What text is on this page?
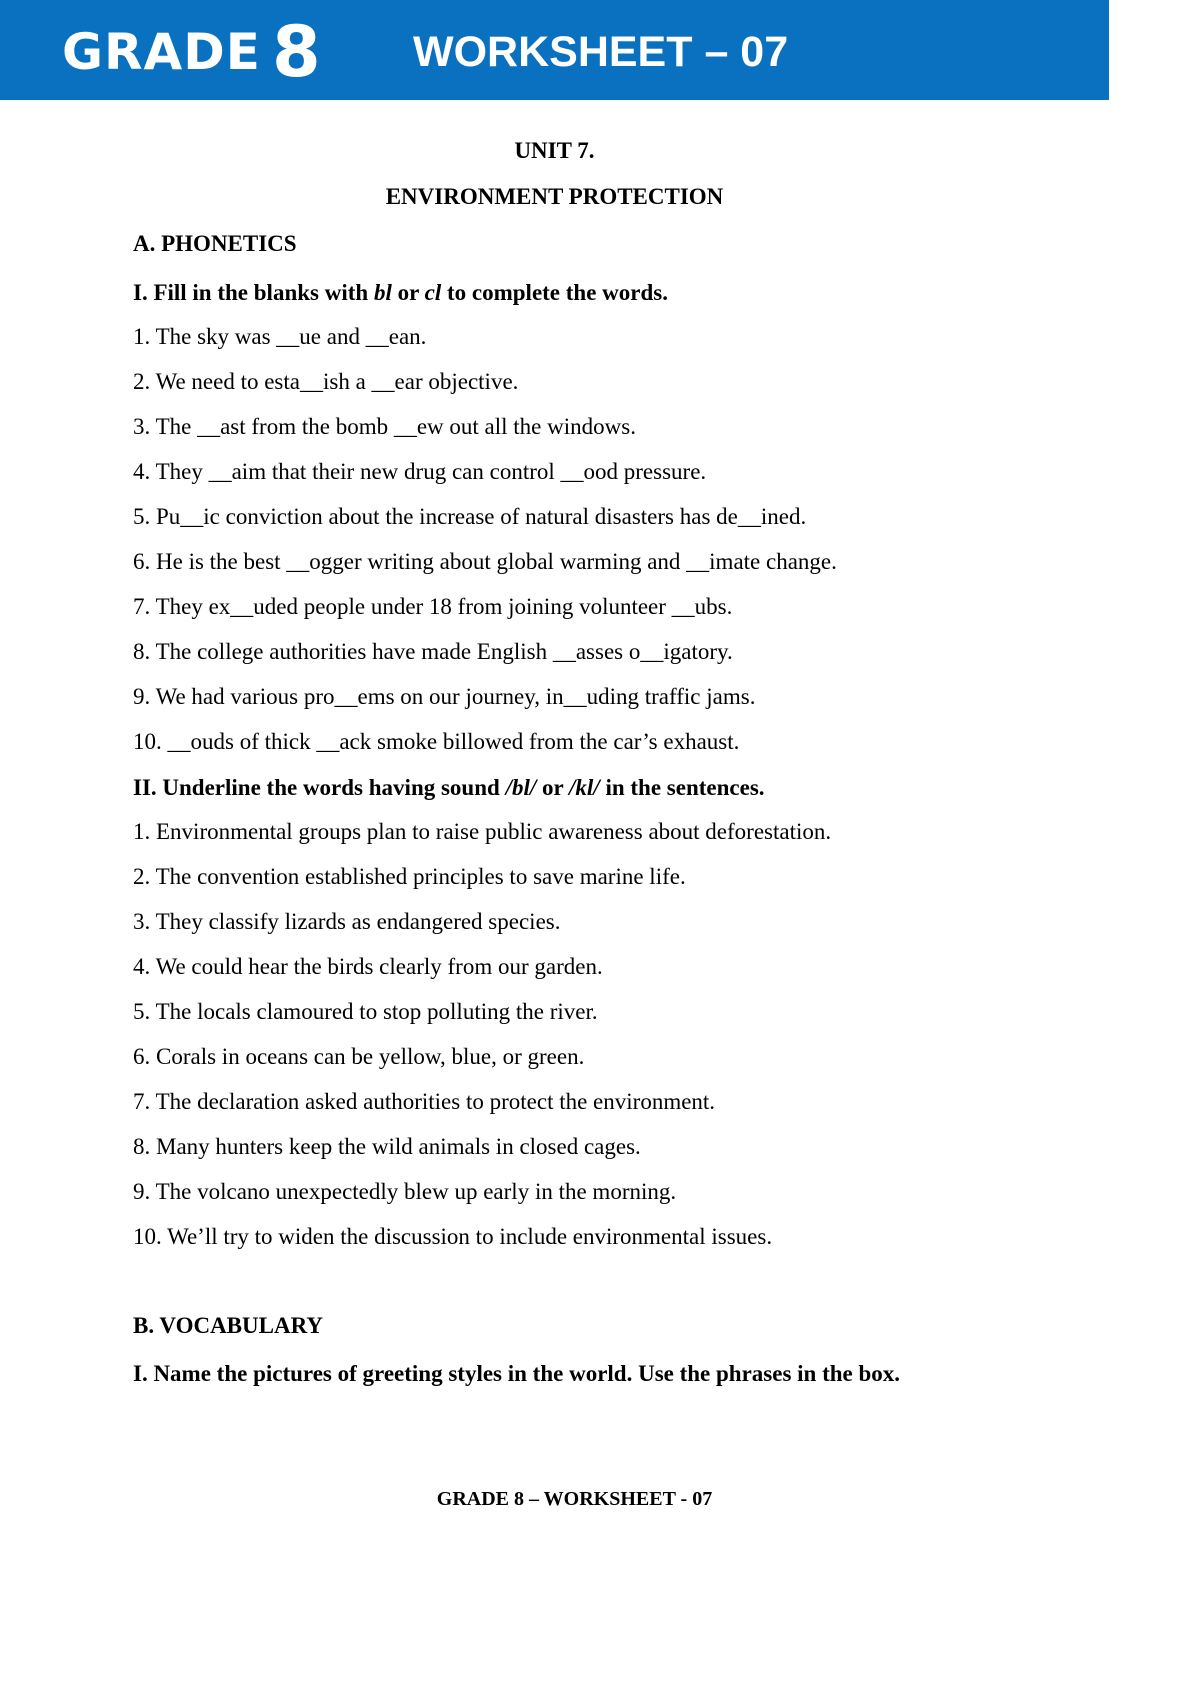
GRADE 8 WORKSHEET – 07
UNIT 7.
ENVIRONMENT PROTECTION
A. PHONETICS
I. Fill in the blanks with bl or cl to complete the words.
1. The sky was __ue and __ean.
2. We need to esta__ish a __ear objective.
3. The __ast from the bomb __ew out all the windows.
4. They __aim that their new drug can control __ood pressure.
5. Pu__ic conviction about the increase of natural disasters has de__ined.
6. He is the best __ogger writing about global warming and __imate change.
7. They ex__uded people under 18 from joining volunteer __ubs.
8. The college authorities have made English __asses o__igatory.
9. We had various pro__ems on our journey, in__uding traffic jams.
10. __ouds of thick __ack smoke billowed from the car’s exhaust.
II. Underline the words having sound /bl/ or /kl/ in the sentences.
1. Environmental groups plan to raise public awareness about deforestation.
2. The convention established principles to save marine life.
3. They classify lizards as endangered species.
4. We could hear the birds clearly from our garden.
5. The locals clamoured to stop polluting the river.
6. Corals in oceans can be yellow, blue, or green.
7. The declaration asked authorities to protect the environment.
8. Many hunters keep the wild animals in closed cages.
9. The volcano unexpectedly blew up early in the morning.
10. We’ll try to widen the discussion to include environmental issues.
B. VOCABULARY
I. Name the pictures of greeting styles in the world. Use the phrases in the box.
GRADE 8 – WORKSHEET - 07
